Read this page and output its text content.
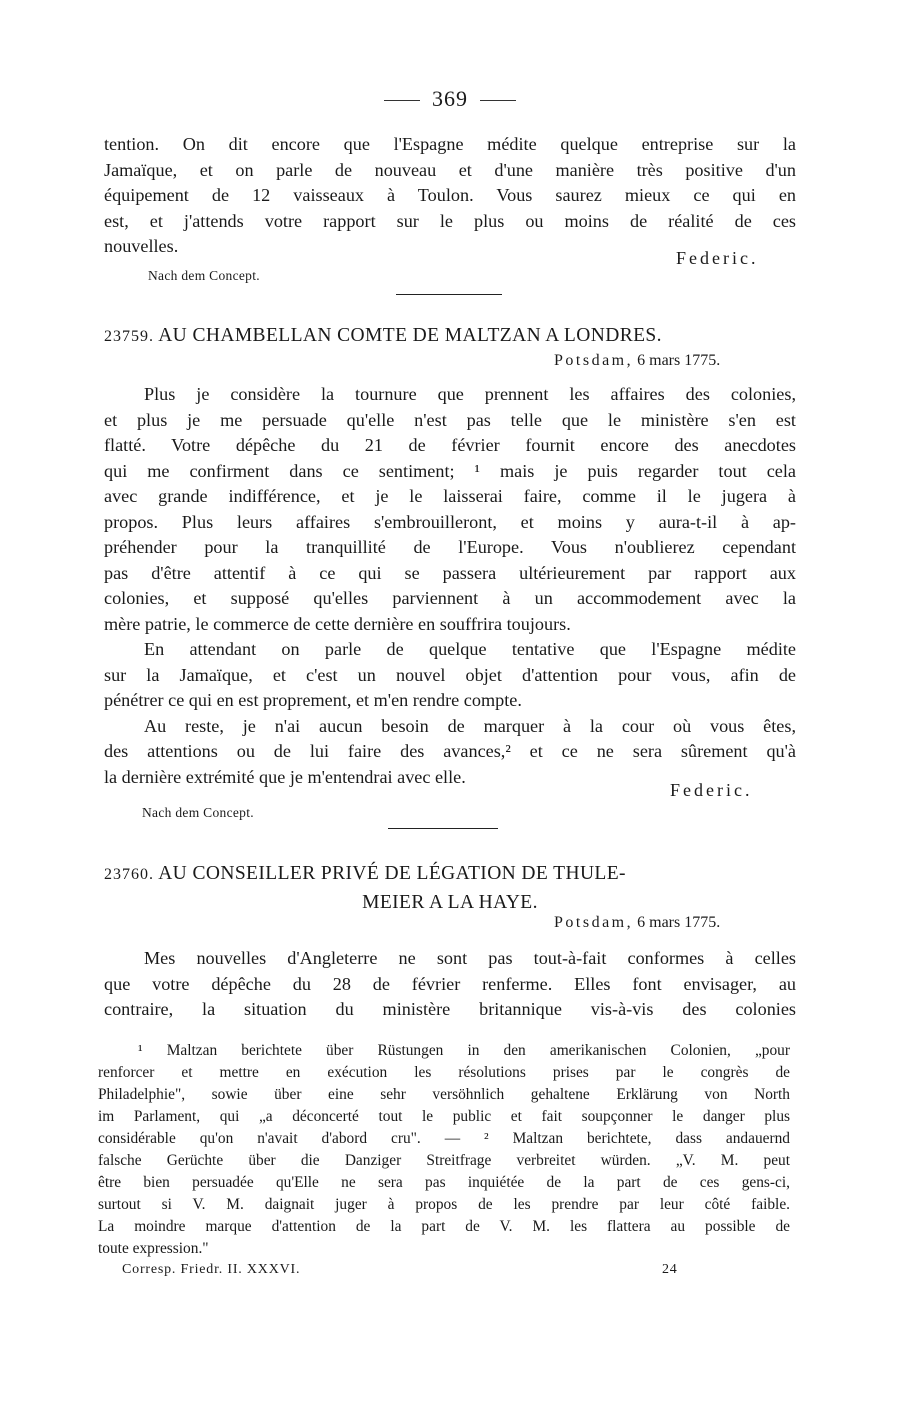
369
tention. On dit encore que l'Espagne médite quelque entreprise sur la
Jamaïque, et on parle de nouveau et d'une manière très positive d'un
équipement de 12 vaisseaux à Toulon. Vous saurez mieux ce qui en
est, et j'attends votre rapport sur le plus ou moins de réalité de ces
nouvelles.
Federic.
Nach dem Concept.
23759. AU CHAMBELLAN COMTE DE MALTZAN A LONDRES.
Potsdam, 6 mars 1775.
Plus je considère la tournure que prennent les affaires des colonies,
et plus je me persuade qu'elle n'est pas telle que le ministère s'en est
flatté. Votre dépêche du 21 de février fournit encore des anecdotes
qui me confirment dans ce sentiment; ¹ mais je puis regarder tout cela
avec grande indifférence, et je le laisserai faire, comme il le jugera à
propos. Plus leurs affaires s'embrouilleront, et moins y aura-t-il à ap-
préhender pour la tranquillité de l'Europe. Vous n'oublierez cependant
pas d'être attentif à ce qui se passera ultérieurement par rapport aux
colonies, et supposé qu'elles parviennent à un accommodement avec la
mère patrie, le commerce de cette dernière en souffrira toujours.
En attendant on parle de quelque tentative que l'Espagne médite
sur la Jamaïque, et c'est un nouvel objet d'attention pour vous, afin de
pénétrer ce qui en est proprement, et m'en rendre compte.
Au reste, je n'ai aucun besoin de marquer à la cour où vous êtes,
des attentions ou de lui faire des avances,² et ce ne sera sûrement qu'à
la dernière extrémité que je m'entendrai avec elle.
Federic.
Nach dem Concept.
23760. AU CONSEILLER PRIVÉ DE LÉGATION DE THULE-
MEIER A LA HAYE.
Potsdam, 6 mars 1775.
Mes nouvelles d'Angleterre ne sont pas tout-à-fait conformes à celles
que votre dépêche du 28 de février renferme. Elles font envisager, au
contraire, la situation du ministère britannique vis-à-vis des colonies
¹ Maltzan berichtete über Rüstungen in den amerikanischen Colonien, „pour
renforcer et mettre en exécution les résolutions prises par le congrès de
Philadelphie", sowie über eine sehr versöhnlich gehaltene Erklärung von North
im Parlament, qui „a déconcerté tout le public et fait soupçonner le danger plus
considérable qu'on n'avait d'abord cru". — ² Maltzan berichtete, dass andauernd
falsche Gerüchte über die Danziger Streitfrage verbreitet würden. „V. M. peut
être bien persuadée qu'Elle ne sera pas inquiétée de la part de ces gens-ci,
surtout si V. M. daignait juger à propos de les prendre par leur côté faible.
La moindre marque d'attention de la part de V. M. les flattera au possible de
toute expression."
Corresp. Friedr. II. XXXVI.	24
